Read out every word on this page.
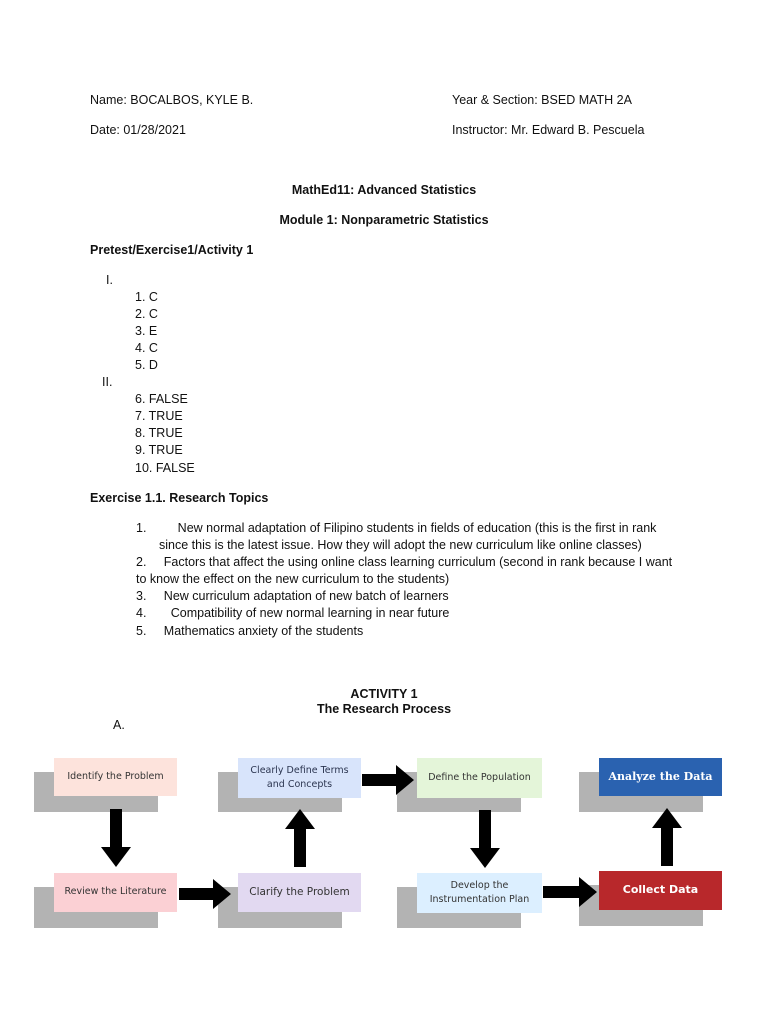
Name: BOCALBOS, KYLE B.	Year & Section: BSED MATH 2A
Date: 01/28/2021	Instructor: Mr. Edward B. Pescuela
MathEd11: Advanced Statistics
Module 1: Nonparametric Statistics
Pretest/Exercise1/Activity 1
I.
1. C
2. C
3. E
4. C
5. D
II.
6. FALSE
7. TRUE
8. TRUE
9. TRUE
10. FALSE
Exercise 1.1. Research Topics
1.         New normal adaptation of Filipino students in fields of education (this is the first in rank
since this is the latest issue. How they will adopt the new curriculum like online classes)
2.     Factors that affect the using online class learning curriculum (second in rank because I want
to know the effect on the new curriculum to the students)
3.     New curriculum adaptation of new batch of learners
4.       Compatibility of new normal learning in near future
5.     Mathematics anxiety of the students
ACTIVITY 1
The Research Process
A.
Identify the Problem
Clearly Define Terms and Concepts
Define the Population	Analyze the Data
Review the Literature	Clarify the Problem
Develop the Instrumentation Plan
Collect Data
